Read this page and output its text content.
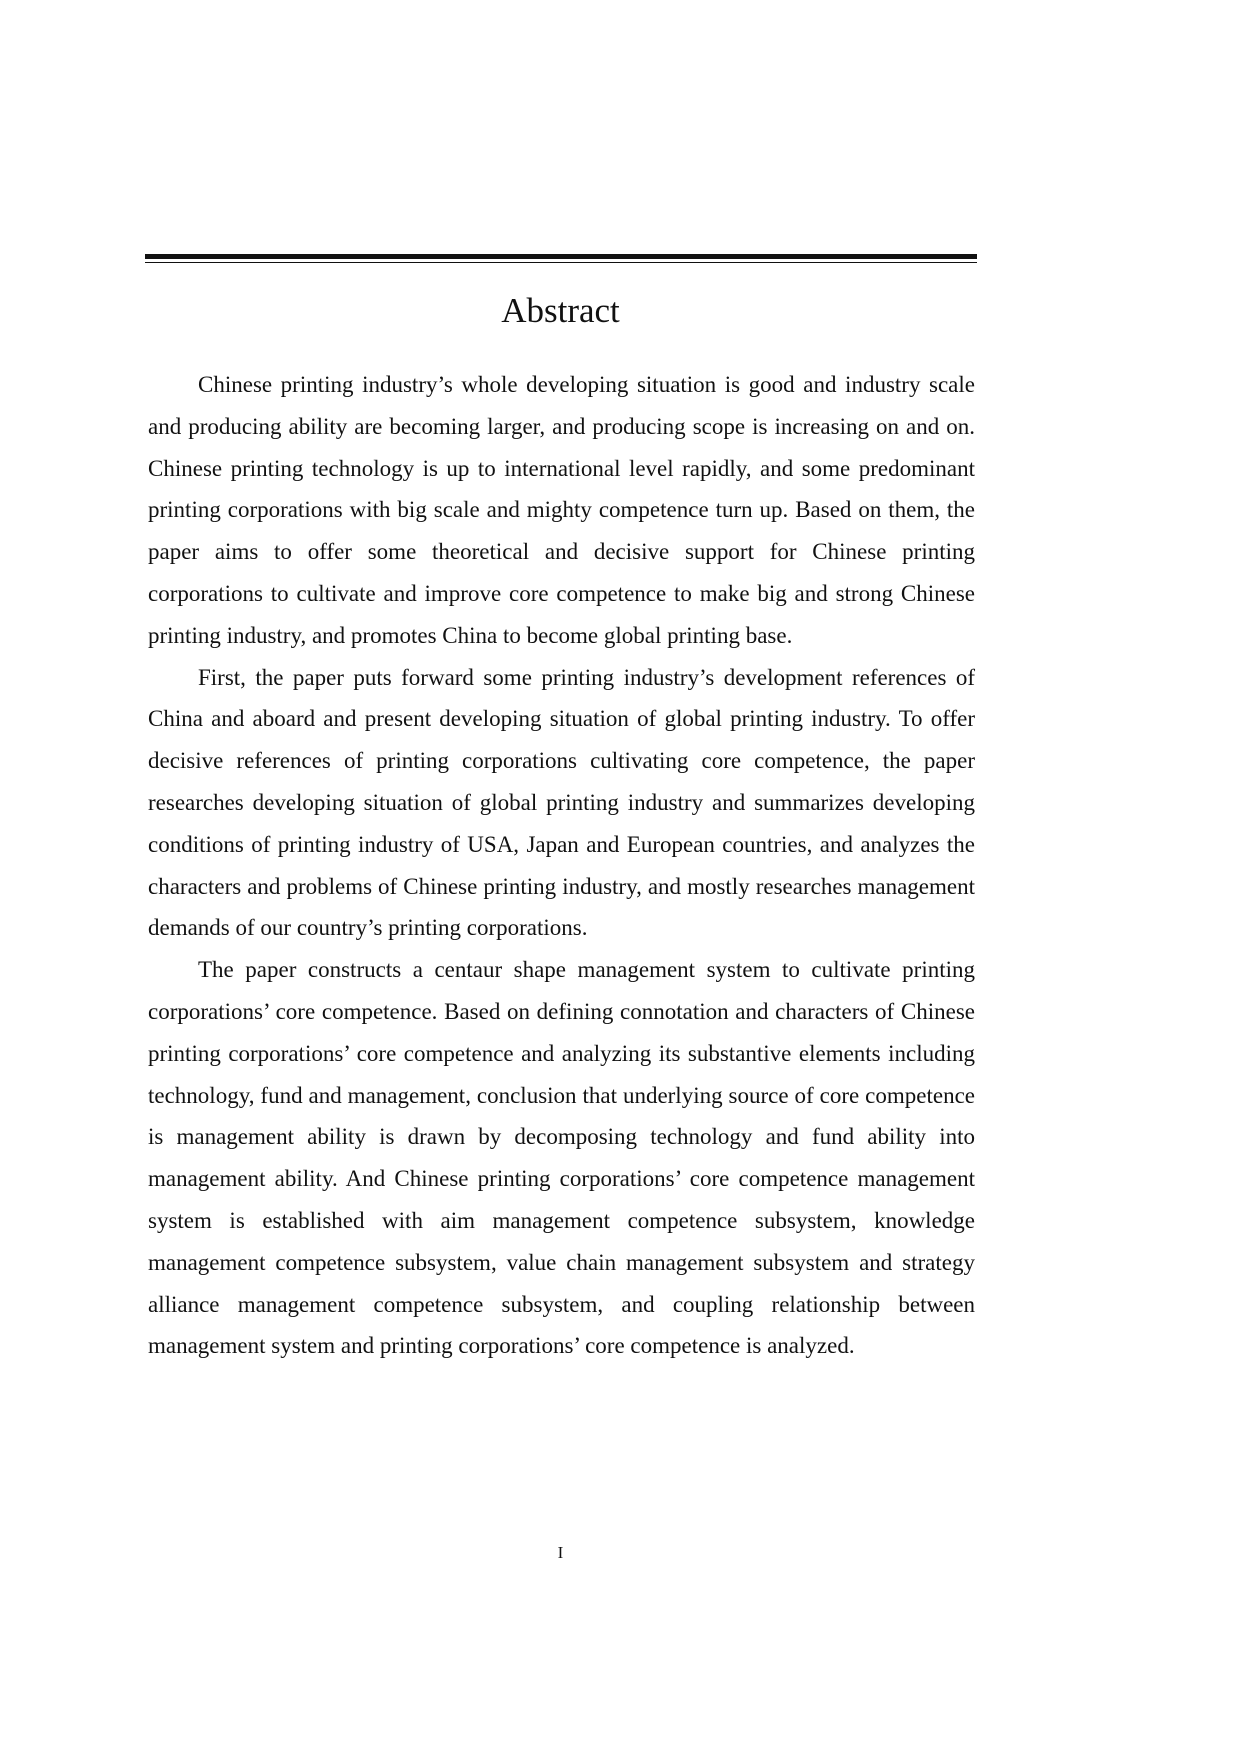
Abstract

Chinese printing industry’s whole developing situation is good and industry scale and producing ability are becoming larger, and producing scope is increasing on and on. Chinese printing technology is up to international level rapidly, and some predominant printing corporations with big scale and mighty competence turn up. Based on them, the paper aims to offer some theoretical and decisive support for Chinese printing corporations to cultivate and improve core competence to make big and strong Chinese printing industry, and promotes China to become global printing base.

First, the paper puts forward some printing industry’s development references of China and aboard and present developing situation of global printing industry. To offer decisive references of printing corporations cultivating core competence, the paper researches developing situation of global printing industry and summarizes developing conditions of printing industry of USA, Japan and European countries, and analyzes the characters and problems of Chinese printing industry, and mostly researches management demands of our country’s printing corporations.

The paper constructs a centaur shape management system to cultivate printing corporations’ core competence. Based on defining connotation and characters of Chinese printing corporations’ core competence and analyzing its substantive elements including technology, fund and management, conclusion that underlying source of core competence is management ability is drawn by decomposing technology and fund ability into management ability. And Chinese printing corporations’ core competence management system is established with aim management competence subsystem, knowledge management competence subsystem, value chain management subsystem and strategy alliance management competence subsystem, and coupling relationship between management system and printing corporations’ core competence is analyzed.

I
